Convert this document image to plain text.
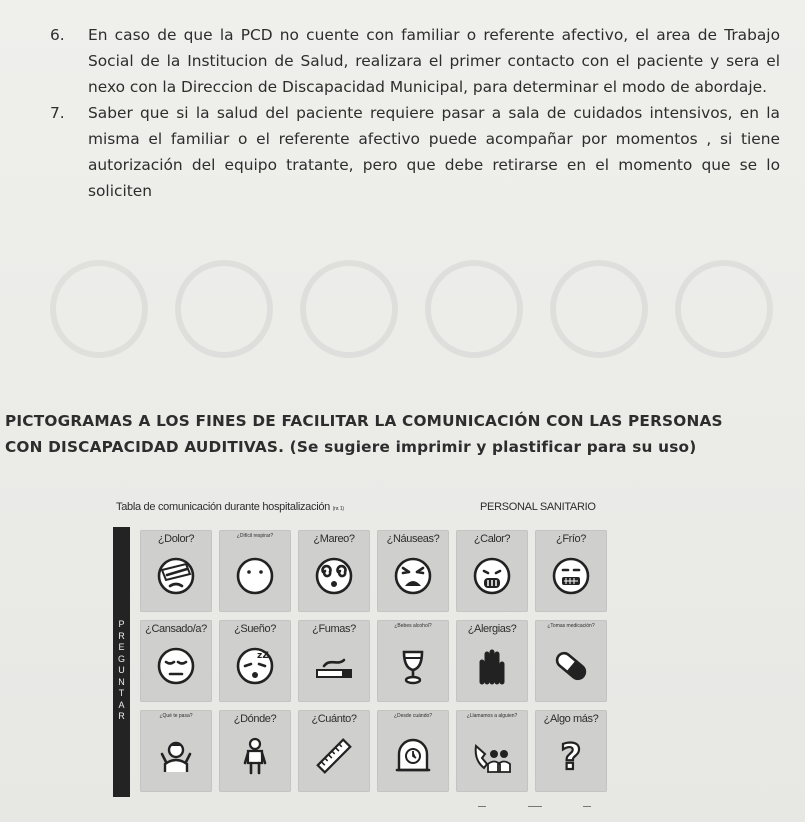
6. En caso de que la PCD no cuente con familiar o referente afectivo, el area de Trabajo Social de la Institucion de Salud, realizara el primer contacto con el paciente y sera el nexo con la Direccion de Discapacidad Municipal, para determinar el modo de abordaje.

7. Saber que si la salud del paciente requiere pasar a sala de cuidados intensivos, en la misma el familiar o el referente afectivo puede acompañar por momentos , si tiene autorización del equipo tratante, pero que debe retirarse en el momento que se lo soliciten

PICTOGRAMAS A LOS FINES DE FACILITAR LA COMUNICACIÓN CON LAS PERSONAS
CON DISCAPACIDAD AUDITIVAS. (Se sugiere imprimir y plastificar para su uso)
Tabla de comunicación durante hospitalización (nr. 1)	PERSONAL SANITARIO
P
R
E
G
U
N
T
A
R
¿Dolor?	¿Difícil respirar?	¿Mareo?	¿Náuseas?	¿Calor?	¿Frío?
¿Cansado/a?	¿Sueño?
zZ
¿Fumas?	¿Bebes alcohol?	¿Alergias?	¿Tomas medicación?
¿Qué te pasa?	¿Dónde?	¿Cuánto?	¿Desde cuándo?	¿Llamamos a alguien?	¿Algo más?
?
